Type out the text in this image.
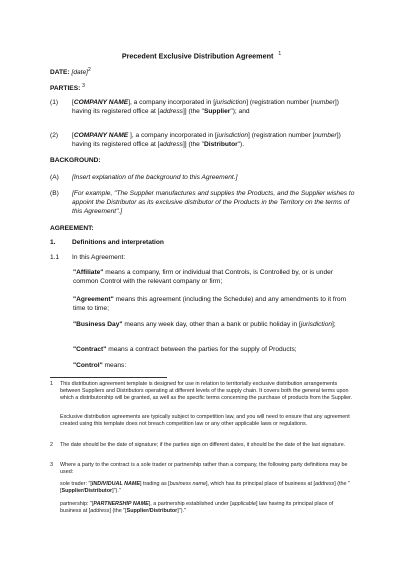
Precedent Exclusive Distribution Agreement $^1$
DATE: [date]$^2$
PARTIES: $^3$
(1)	[COMPANY NAME], a company incorporated in [jurisdiction] (registration number [number]) having its registered office at [address]] (the "Supplier"); and
(2)	[COMPANY NAME ], a company incorporated in [jurisdiction] (registration number [number]) having its registered office at [address]] (the "Distributor").
BACKGROUND:
(A)	[Insert explanation of the background to this Agreement.]
(B)	[For example, "The Supplier manufactures and supplies the Products, and the Supplier wishes to appoint the Distributor as its exclusive distributor of the Products in the Territory on the terms of this Agreement".]
AGREEMENT:
1.	Definitions and interpretation
1.1	In this Agreement:
"Affiliate" means a company, firm or individual that Controls, is Controlled by, or is under common Control with the relevant company or firm;
"Agreement" means this agreement (including the Schedule) and any amendments to it from time to time;
"Business Day" means any week day, other than a bank or public holiday in [jurisdiction];
"Contract" means a contract between the parties for the supply of Products;
"Control" means:
1	This distribution agreement template is designed for use in relation to territorially exclusive distribution arrangements between Suppliers and Distributors operating at different levels of the supply chain. It covers both the general terms upon which a distributorship will be granted, as well as the specific terms concerning the purchase of products from the Supplier.
Exclusive distribution agreements are typically subject to competition law, and you will need to ensure that any agreement created using this template does not breach competition law or any other applicable laws or regulations.
2	The date should be the date of signature; if the parties sign on different dates, it should be the date of the last signature.
3	Where a party to the contract is a sole trader or partnership rather than a company, the following party definitions may be used:
sole trader: "[INDIVIDUAL NAME] trading as [business name], which has its principal place of business at [address] (the "[Supplier/Distributor]")."
partnership: "[PARTNERSHIP NAME], a partnership established under [applicable] law having its principal place of business at [address] (the "[Supplier/Distributor]")."
